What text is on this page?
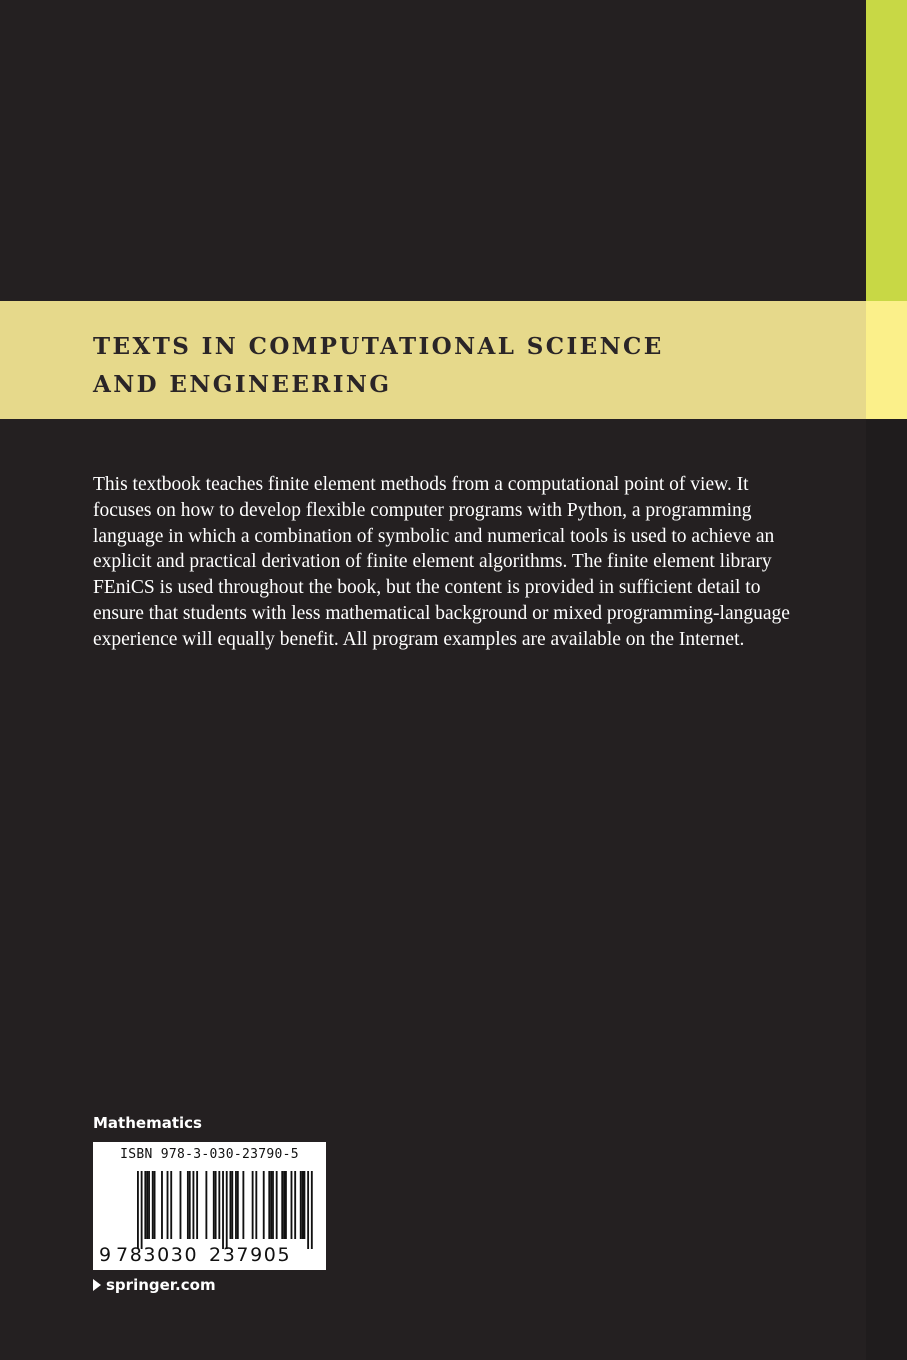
TEXTS IN COMPUTATIONAL SCIENCE
AND ENGINEERING
This textbook teaches finite element methods from a computational point of view. It
focuses on how to develop flexible computer programs with Python, a programming
language in which a combination of symbolic and numerical tools is used to achieve an
explicit and practical derivation of finite element algorithms. The finite element library
FEniCS is used throughout the book, but the content is provided in sufficient detail to
ensure that students with less mathematical background or mixed programming-language
experience will equally benefit. All program examples are available on the Internet.
Mathematics
ISBN 978-3-030-23790-5
9 783030 237905
springer.com
